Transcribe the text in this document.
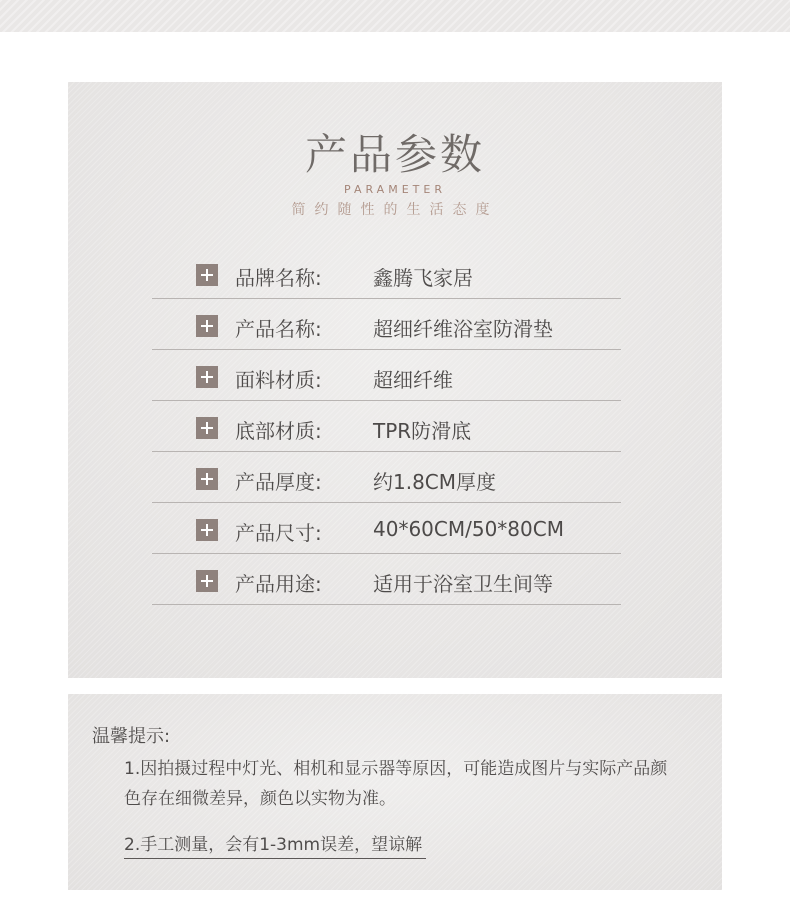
产品参数
PARAMETER
简约随性的生活态度
品牌名称:	鑫腾飞家居
产品名称:	超细纤维浴室防滑垫
面料材质:	超细纤维
底部材质:	TPR防滑底
产品厚度:	约1.8CM厚度
产品尺寸:	40*60CM/50*80CM
产品用途:	适用于浴室卫生间等
温馨提示:
1.因拍摄过程中灯光、相机和显示器等原因，可能造成图片与实际产品颜色存在细微差异，颜色以实物为准。
2.手工测量，会有1-3mm误差，望谅解
